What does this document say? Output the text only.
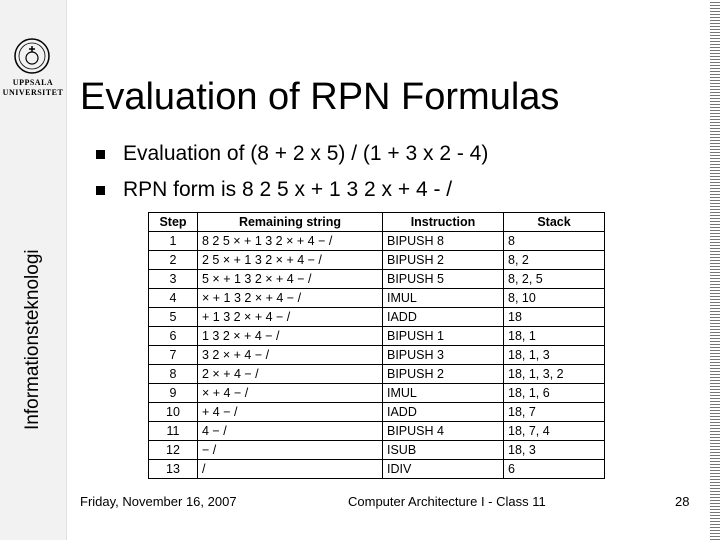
UPPSALA
UNIVERSITET
Informationsteknologi
Evaluation of RPN Formulas
Evaluation of (8 + 2 x 5) / (1 + 3 x 2 - 4)
RPN form is 8 2 5 x + 1 3 2 x + 4 - /
Step	Remaining string	Instruction	Stack
1	8 2 5 × + 1 3 2 × + 4 − /	BIPUSH 8	8
2	2 5 × + 1 3 2 × + 4 − /	BIPUSH 2	8, 2
3	5 × + 1 3 2 × + 4 − /	BIPUSH 5	8, 2, 5
4	× + 1 3 2 × + 4 − /	IMUL	8, 10
5	+ 1 3 2 × + 4 − /	IADD	18
6	1 3 2 × + 4 − /	BIPUSH 1	18, 1
7	3 2 × + 4 − /	BIPUSH 3	18, 1, 3
8	2 × + 4 − /	BIPUSH 2	18, 1, 3, 2
9	× + 4 − /	IMUL	18, 1, 6
10	+ 4 − /	IADD	18, 7
11	4 − /	BIPUSH 4	18, 7, 4
12	− /	ISUB	18, 3
13	/	IDIV	6
Friday, November 16, 2007	Computer Architecture I - Class 11	28
